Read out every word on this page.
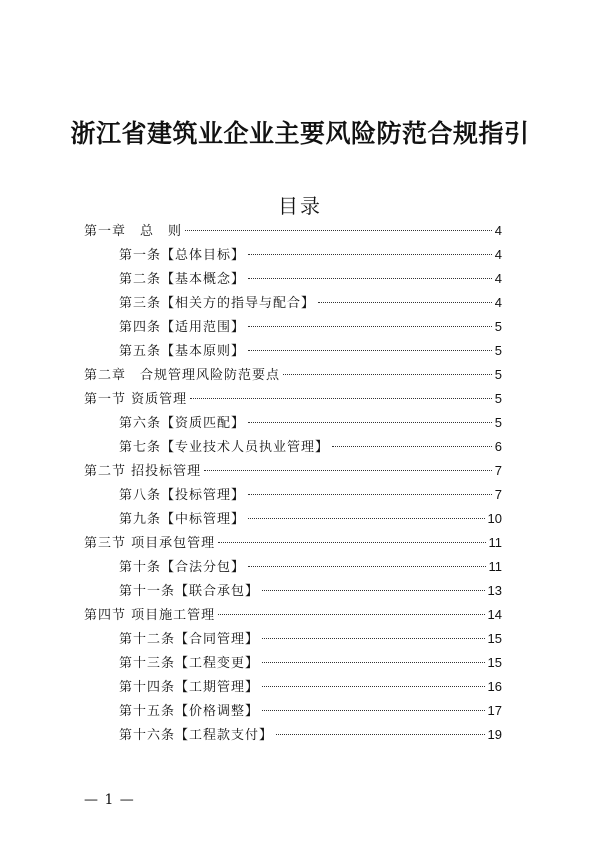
浙江省建筑业企业主要风险防范合规指引
目录
第一章　总　则	4
第一条【总体目标】	4
第二条【基本概念】	4
第三条【相关方的指导与配合】	4
第四条【适用范围】	5
第五条【基本原则】	5
第二章　合规管理风险防范要点	5
第一节 资质管理	5
第六条【资质匹配】	5
第七条【专业技术人员执业管理】	6
第二节 招投标管理	7
第八条【投标管理】	7
第九条【中标管理】	10
第三节 项目承包管理	11
第十条【合法分包】	11
第十一条【联合承包】	13
第四节 项目施工管理	14
第十二条【合同管理】	15
第十三条【工程变更】	15
第十四条【工期管理】	16
第十五条【价格调整】	17
第十六条【工程款支付】	19
— 1 —
